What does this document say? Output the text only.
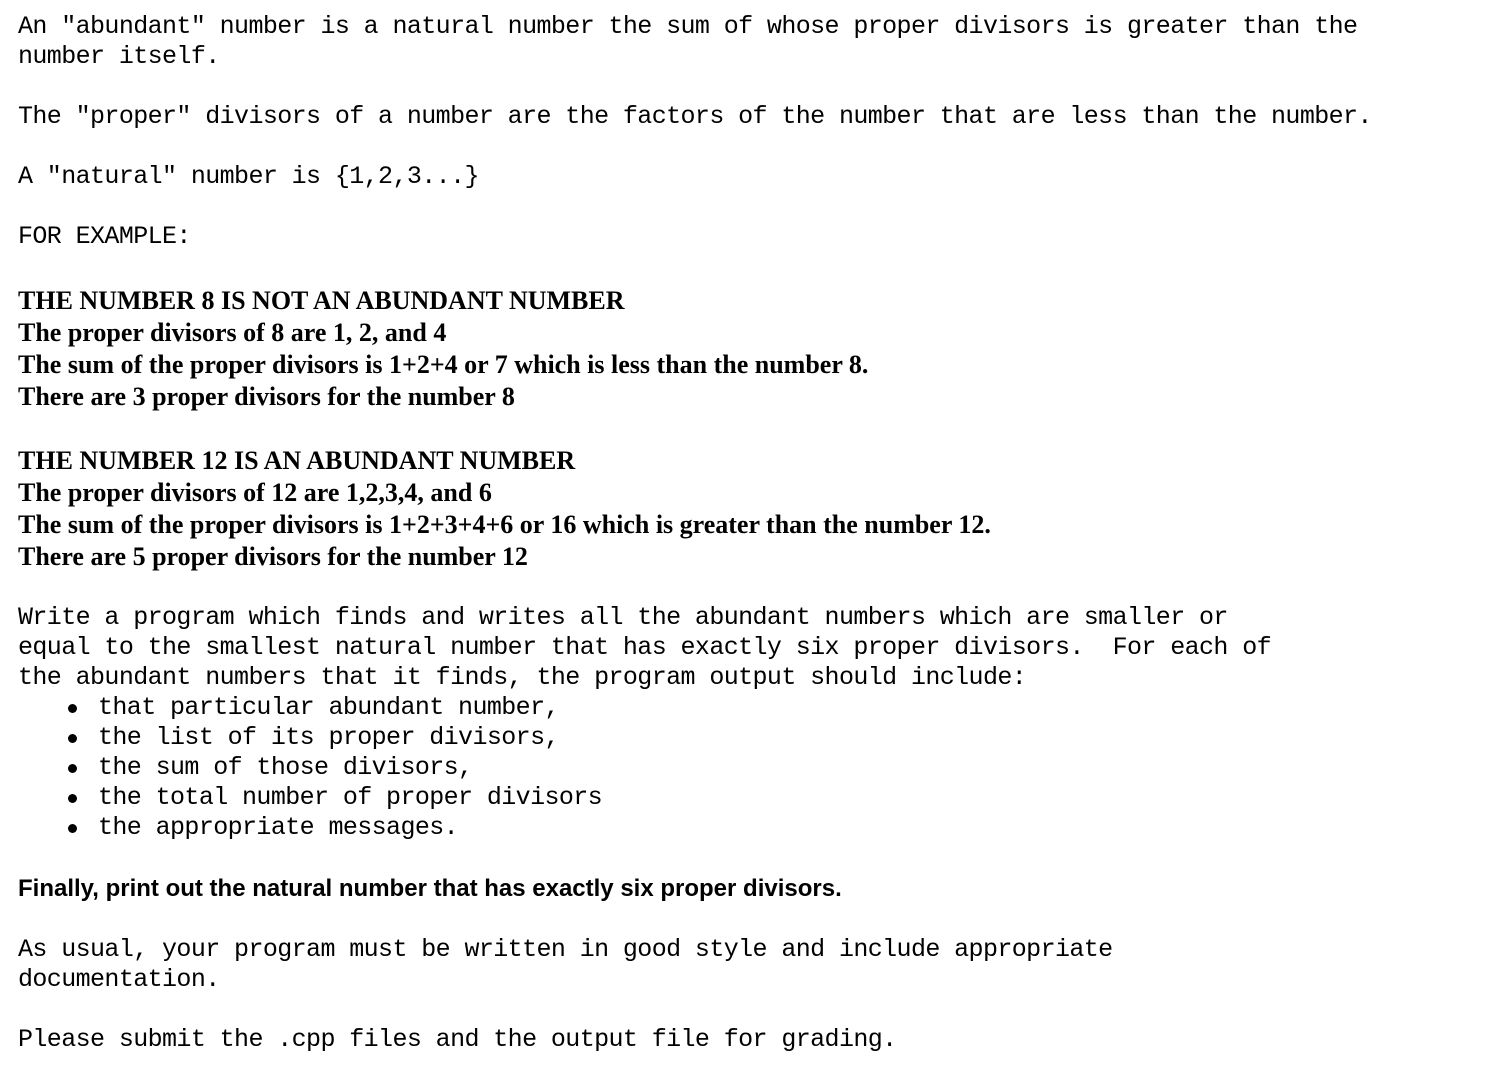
An "abundant" number is a natural number the sum of whose proper divisors is greater than the number itself.

The "proper" divisors of a number are the factors of the number that are less than the number.

A "natural" number is {1,2,3...}

FOR EXAMPLE:

THE NUMBER 8 IS NOT AN ABUNDANT NUMBER

The proper divisors of 8 are 1, 2, and 4

The sum of the proper divisors is 1+2+4 or 7 which is less than the number 8.

There are 3 proper divisors for the number 8

THE NUMBER 12 IS AN ABUNDANT NUMBER

The proper divisors of 12 are 1,2,3,4, and 6

The sum of the proper divisors is 1+2+3+4+6 or 16 which is greater than the number 12.

There are 5 proper divisors for the number 12

Write a program which finds and writes all the abundant numbers which are smaller or

equal to the smallest natural number that has exactly six proper divisors.  For each of

the abundant numbers that it finds, the program output should include:

that particular abundant number,
the list of its proper divisors,
the sum of those divisors,
the total number of proper divisors
the appropriate messages.

Finally, print out the natural number that has exactly six proper divisors.

As usual, your program must be written in good style and include appropriate

documentation.

Please submit the .cpp files and the output file for grading.
